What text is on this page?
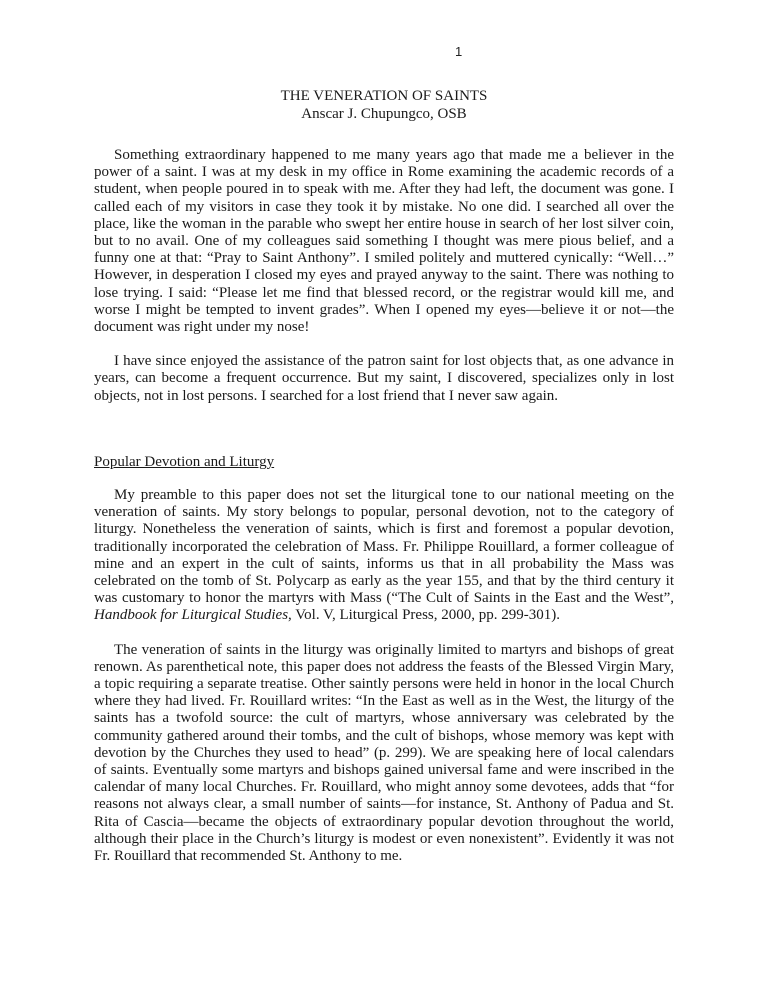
1
THE VENERATION OF SAINTS
Anscar J. Chupungco, OSB

Something extraordinary happened to me many years ago that made me a believer in the power of a saint. I was at my desk in my office in Rome examining the academic records of a student, when people poured in to speak with me. After they had left, the document was gone. I called each of my visitors in case they took it by mistake. No one did. I searched all over the place, like the woman in the parable who swept her entire house in search of her lost silver coin, but to no avail. One of my colleagues said something I thought was mere pious belief, and a funny one at that: “Pray to Saint Anthony”. I smiled politely and muttered cynically: “Well…” However, in desperation I closed my eyes and prayed anyway to the saint. There was nothing to lose trying. I said: “Please let me find that blessed record, or the registrar would kill me, and worse I might be tempted to invent grades”. When I opened my eyes—believe it or not—the document was right under my nose!

I have since enjoyed the assistance of the patron saint for lost objects that, as one advance in years, can become a frequent occurrence. But my saint, I discovered, specializes only in lost objects, not in lost persons. I searched for a lost friend that I never saw again.

Popular Devotion and Liturgy

My preamble to this paper does not set the liturgical tone to our national meeting on the veneration of saints. My story belongs to popular, personal devotion, not to the category of liturgy. Nonetheless the veneration of saints, which is first and foremost a popular devotion, traditionally incorporated the celebration of Mass. Fr. Philippe Rouillard, a former colleague of mine and an expert in the cult of saints, informs us that in all probability the Mass was celebrated on the tomb of St. Polycarp as early as the year 155, and that by the third century it was customary to honor the martyrs with Mass (“The Cult of Saints in the East and the West”, Handbook for Liturgical Studies, Vol. V, Liturgical Press, 2000, pp. 299-301).

The veneration of saints in the liturgy was originally limited to martyrs and bishops of great renown. As parenthetical note, this paper does not address the feasts of the Blessed Virgin Mary, a topic requiring a separate treatise. Other saintly persons were held in honor in the local Church where they had lived. Fr. Rouillard writes: “In the East as well as in the West, the liturgy of the saints has a twofold source: the cult of martyrs, whose anniversary was celebrated by the community gathered around their tombs, and the cult of bishops, whose memory was kept with devotion by the Churches they used to head” (p. 299). We are speaking here of local calendars of saints. Eventually some martyrs and bishops gained universal fame and were inscribed in the calendar of many local Churches. Fr. Rouillard, who might annoy some devotees, adds that “for reasons not always clear, a small number of saints—for instance, St. Anthony of Padua and St. Rita of Cascia—became the objects of extraordinary popular devotion throughout the world, although their place in the Church’s liturgy is modest or even nonexistent”. Evidently it was not Fr. Rouillard that recommended St. Anthony to me.
